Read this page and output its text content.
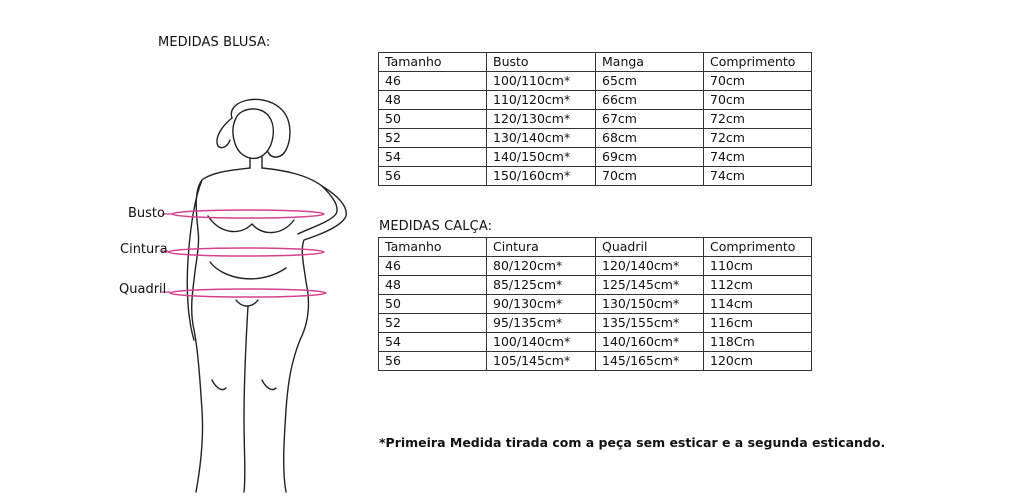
MEDIDAS BLUSA:
Tamanho	Busto	Manga	Comprimento
46	100/110cm*	65cm	70cm
48	110/120cm*	66cm	70cm
50	120/130cm*	67cm	72cm
52	130/140cm*	68cm	72cm
54	140/150cm*	69cm	74cm
56	150/160cm*	70cm	74cm
MEDIDAS CALÇA:
Tamanho	Cintura	Quadril	Comprimento
46	80/120cm*	120/140cm*	110cm
48	85/125cm*	125/145cm*	112cm
50	90/130cm*	130/150cm*	114cm
52	95/135cm*	135/155cm*	116cm
54	100/140cm*	140/160cm*	118Cm
56	105/145cm*	145/165cm*	120cm
Busto
Cintura
Quadril
*Primeira Medida tirada com a peça sem esticar e a segunda esticando.
